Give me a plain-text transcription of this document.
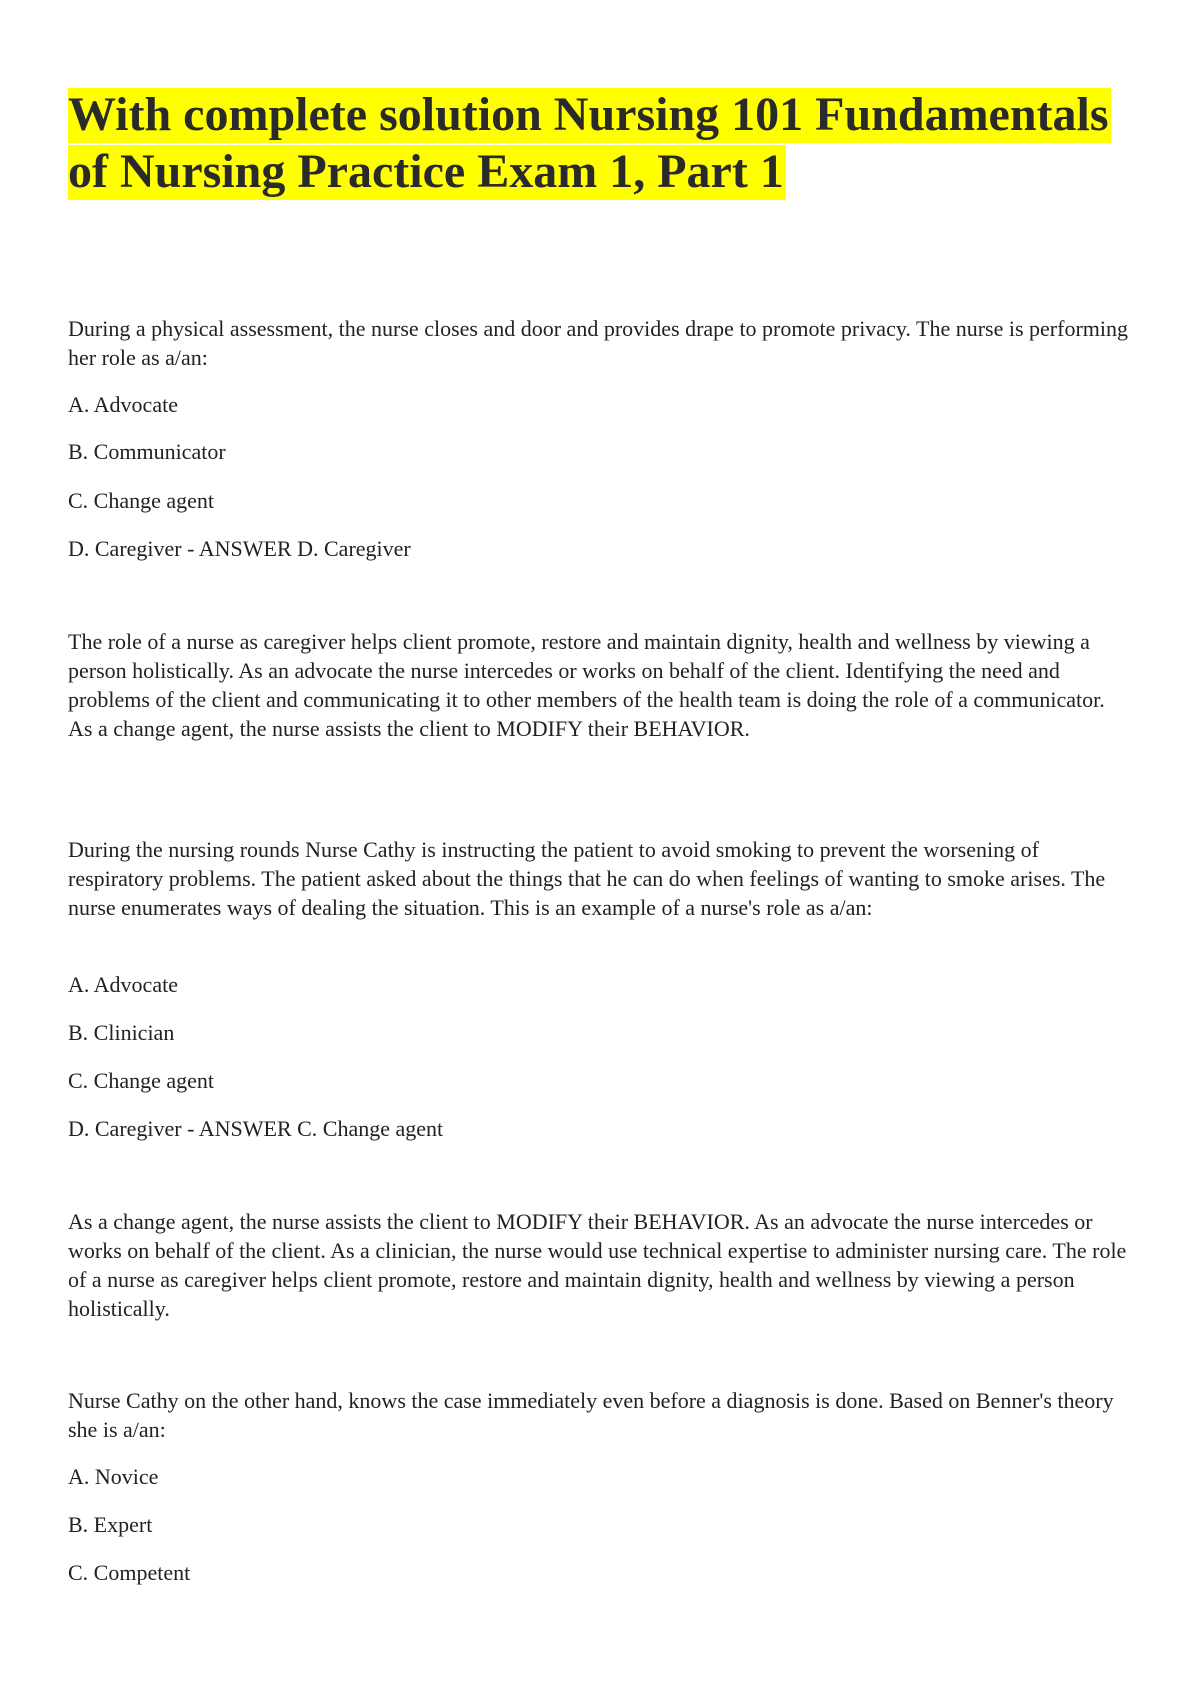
With complete solution Nursing 101 Fundamentals
of Nursing Practice Exam 1, Part 1

During a physical assessment, the nurse closes and door and provides drape to promote privacy. The nurse is performing her role as a/an:

A. Advocate

B. Communicator

C. Change agent

D. Caregiver - ANSWER D. Caregiver

The role of a nurse as caregiver helps client promote, restore and maintain dignity, health and wellness by viewing a person holistically. As an advocate the nurse intercedes or works on behalf of the client. Identifying the need and problems of the client and communicating it to other members of the health team is doing the role of a communicator. As a change agent, the nurse assists the client to MODIFY their BEHAVIOR.

During the nursing rounds Nurse Cathy is instructing the patient to avoid smoking to prevent the worsening of respiratory problems. The patient asked about the things that he can do when feelings of wanting to smoke arises. The nurse enumerates ways of dealing the situation. This is an example of a nurse's role as a/an:

A. Advocate

B. Clinician

C. Change agent

D. Caregiver - ANSWER C. Change agent

As a change agent, the nurse assists the client to MODIFY their BEHAVIOR. As an advocate the nurse intercedes or works on behalf of the client. As a clinician, the nurse would use technical expertise to administer nursing care. The role of a nurse as caregiver helps client promote, restore and maintain dignity, health and wellness by viewing a person holistically.

Nurse Cathy on the other hand, knows the case immediately even before a diagnosis is done. Based on Benner's theory she is a/an:

A. Novice

B. Expert

C. Competent
